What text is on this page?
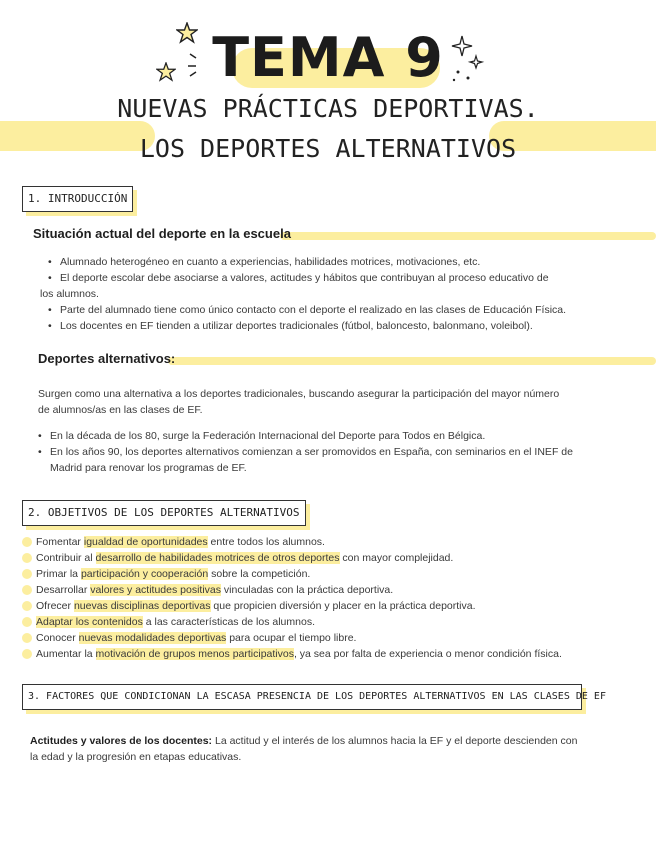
TEMA 9
NUEVAS PRÁCTICAS DEPORTIVAS.
LOS DEPORTES ALTERNATIVOS
1. INTRODUCCIÓN
Situación actual del deporte en la escuela
• Alumnado heterogéneo en cuanto a experiencias, habilidades motrices, motivaciones, etc.
• El deporte escolar debe asociarse a valores, actitudes y hábitos que contribuyan al proceso educativo de
los alumnos.
• Parte del alumnado tiene como único contacto con el deporte el realizado en las clases de Educación Física.
• Los docentes en EF tienden a utilizar deportes tradicionales (fútbol, baloncesto, balonmano, voleibol).
Deportes alternativos:
Surgen como una alternativa a los deportes tradicionales, buscando asegurar la participación del mayor número
de alumnos/as en las clases de EF.
• En la década de los 80, surge la Federación Internacional del Deporte para Todos en Bélgica.
• En los años 90, los deportes alternativos comienzan a ser promovidos en España, con seminarios en el INEF de
Madrid para renovar los programas de EF.
2. OBJETIVOS DE LOS DEPORTES ALTERNATIVOS
Fomentar igualdad de oportunidades entre todos los alumnos.
Contribuir al desarrollo de habilidades motrices de otros deportes con mayor complejidad.
Primar la participación y cooperación sobre la competición.
Desarrollar valores y actitudes positivas vinculadas con la práctica deportiva.
Ofrecer nuevas disciplinas deportivas que propicien diversión y placer en la práctica deportiva.
Adaptar los contenidos a las características de los alumnos.
Conocer nuevas modalidades deportivas para ocupar el tiempo libre.
Aumentar la motivación de grupos menos participativos, ya sea por falta de experiencia o menor condición física.
3. FACTORES QUE CONDICIONAN LA ESCASA PRESENCIA DE LOS DEPORTES ALTERNATIVOS EN LAS CLASES DE EF
Actitudes y valores de los docentes: La actitud y el interés de los alumnos hacia la EF y el deporte descienden con
la edad y la progresión en etapas educativas.
